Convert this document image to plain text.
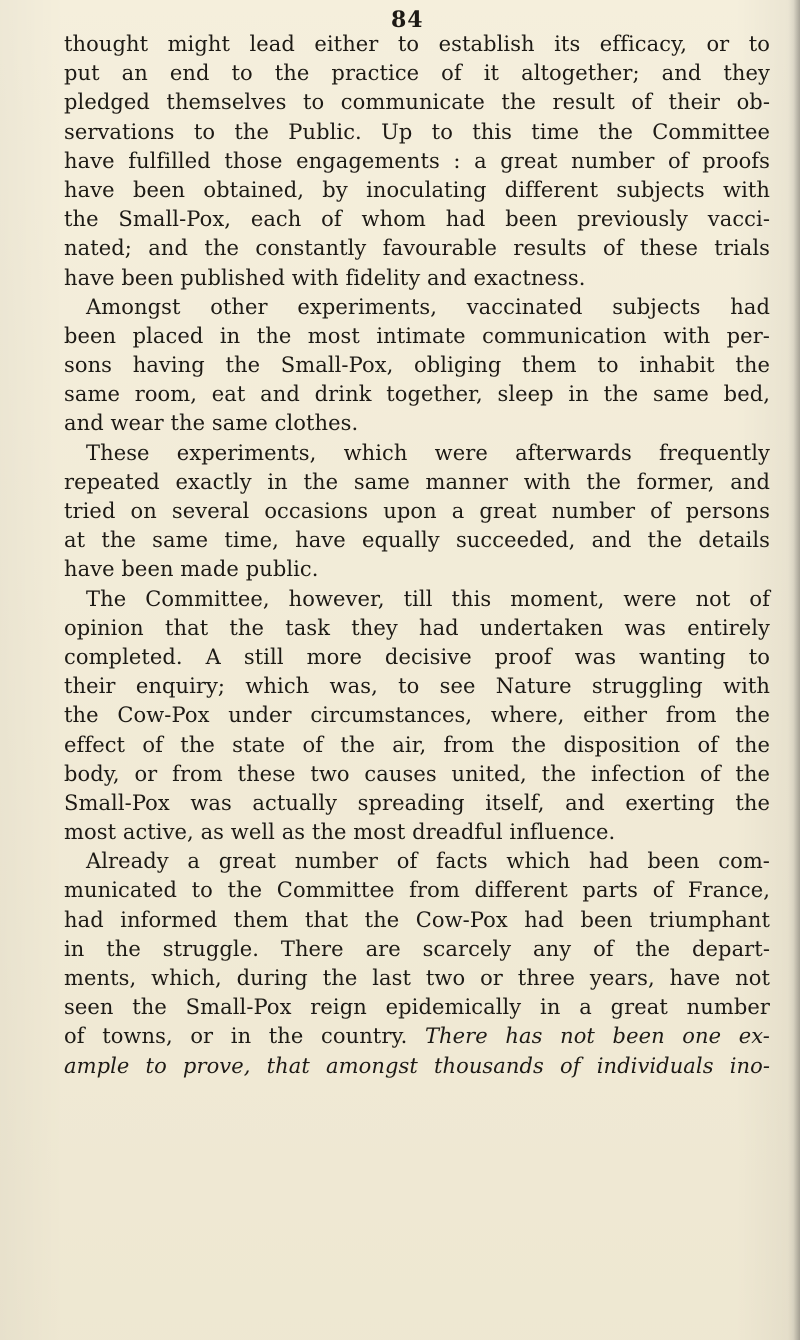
84

thought might lead either to establish its efficacy, or to

put an end to the practice of it altogether; and they

pledged themselves to communicate the result of their ob-

servations to the Public. Up to this time the Committee

have fulfilled those engagements : a great number of proofs

have been obtained, by inoculating different subjects with

the Small-Pox, each of whom had been previously vacci-

nated; and the constantly favourable results of these trials

have been published with fidelity and exactness.

Amongst other experiments, vaccinated subjects had

been placed in the most intimate communication with per-

sons having the Small-Pox, obliging them to inhabit the

same room, eat and drink together, sleep in the same bed,

and wear the same clothes.

These experiments, which were afterwards frequently

repeated exactly in the same manner with the former, and

tried on several occasions upon a great number of persons

at the same time, have equally succeeded, and the details

have been made public.

The Committee, however, till this moment, were not of

opinion that the task they had undertaken was entirely

completed. A still more decisive proof was wanting to

their enquiry; which was, to see Nature struggling with

the Cow-Pox under circumstances, where, either from the

effect of the state of the air, from the disposition of the

body, or from these two causes united, the infection of the

Small-Pox was actually spreading itself, and exerting the

most active, as well as the most dreadful influence.

Already a great number of facts which had been com-

municated to the Committee from different parts of France,

had informed them that the Cow-Pox had been triumphant

in the struggle. There are scarcely any of the depart-

ments, which, during the last two or three years, have not

seen the Small-Pox reign epidemically in a great number

of towns, or in the country. There has not been one ex-

ample to prove, that amongst thousands of individuals ino-
